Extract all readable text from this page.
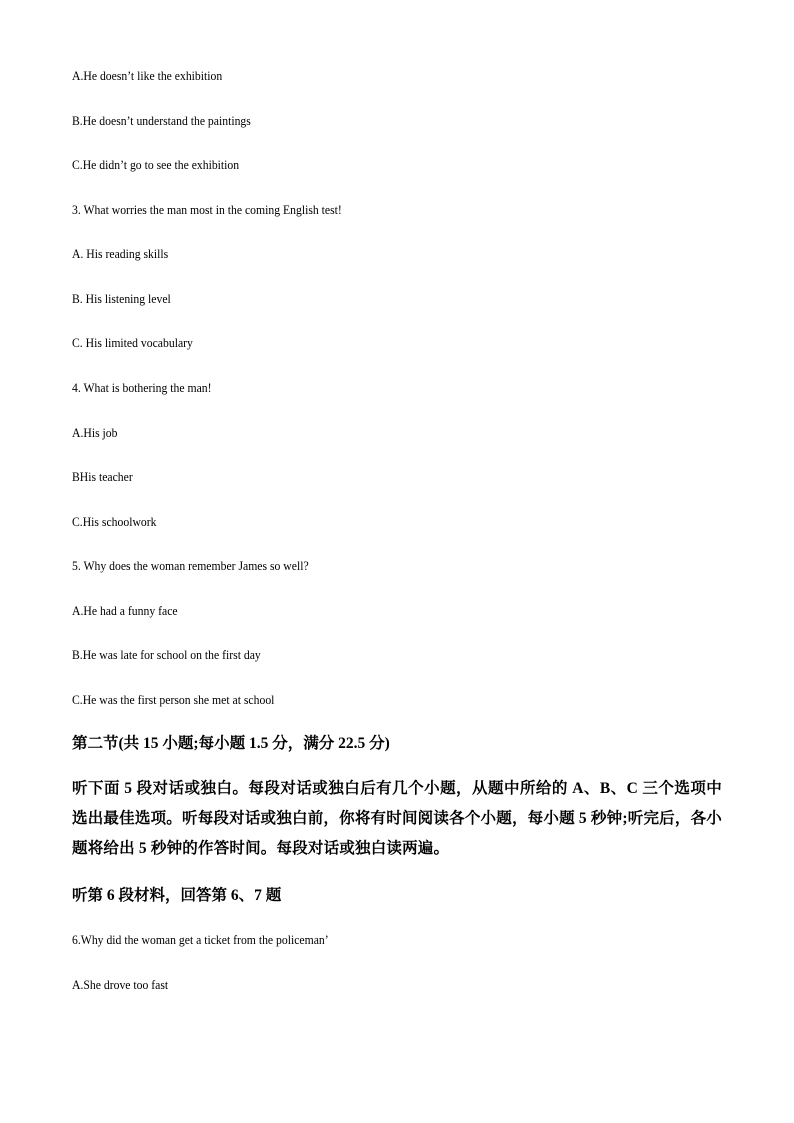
A.He doesn’t like the exhibition
B.He doesn’t understand the paintings
C.He didn’t go to see the exhibition
3. What worries the man most in the coming English test!
A. His reading skills
B. His listening level
C. His limited vocabulary
4. What is bothering the man!
A.His job
BHis teacher
C.His schoolwork
5. Why does the woman remember James so well?
A.He had a funny face
B.He was late for school on the first day
C.He was the first person she met at school
第二节(共 15 小题;每小题 1.5 分，满分 22.5 分)
听下面 5 段对话或独白。每段对话或独白后有几个小题，从题中所给的 A、B、C 三个选项中选出最佳选项。听每段对话或独白前，你将有时间阅读各个小题，每小题 5 秒钟;听完后，各小题将给出 5 秒钟的作答时间。每段对话或独白读两遍。
听第 6 段材料，回答第 6、7 题
6.Why did the woman get a ticket from the policeman’
A.She drove too fast
